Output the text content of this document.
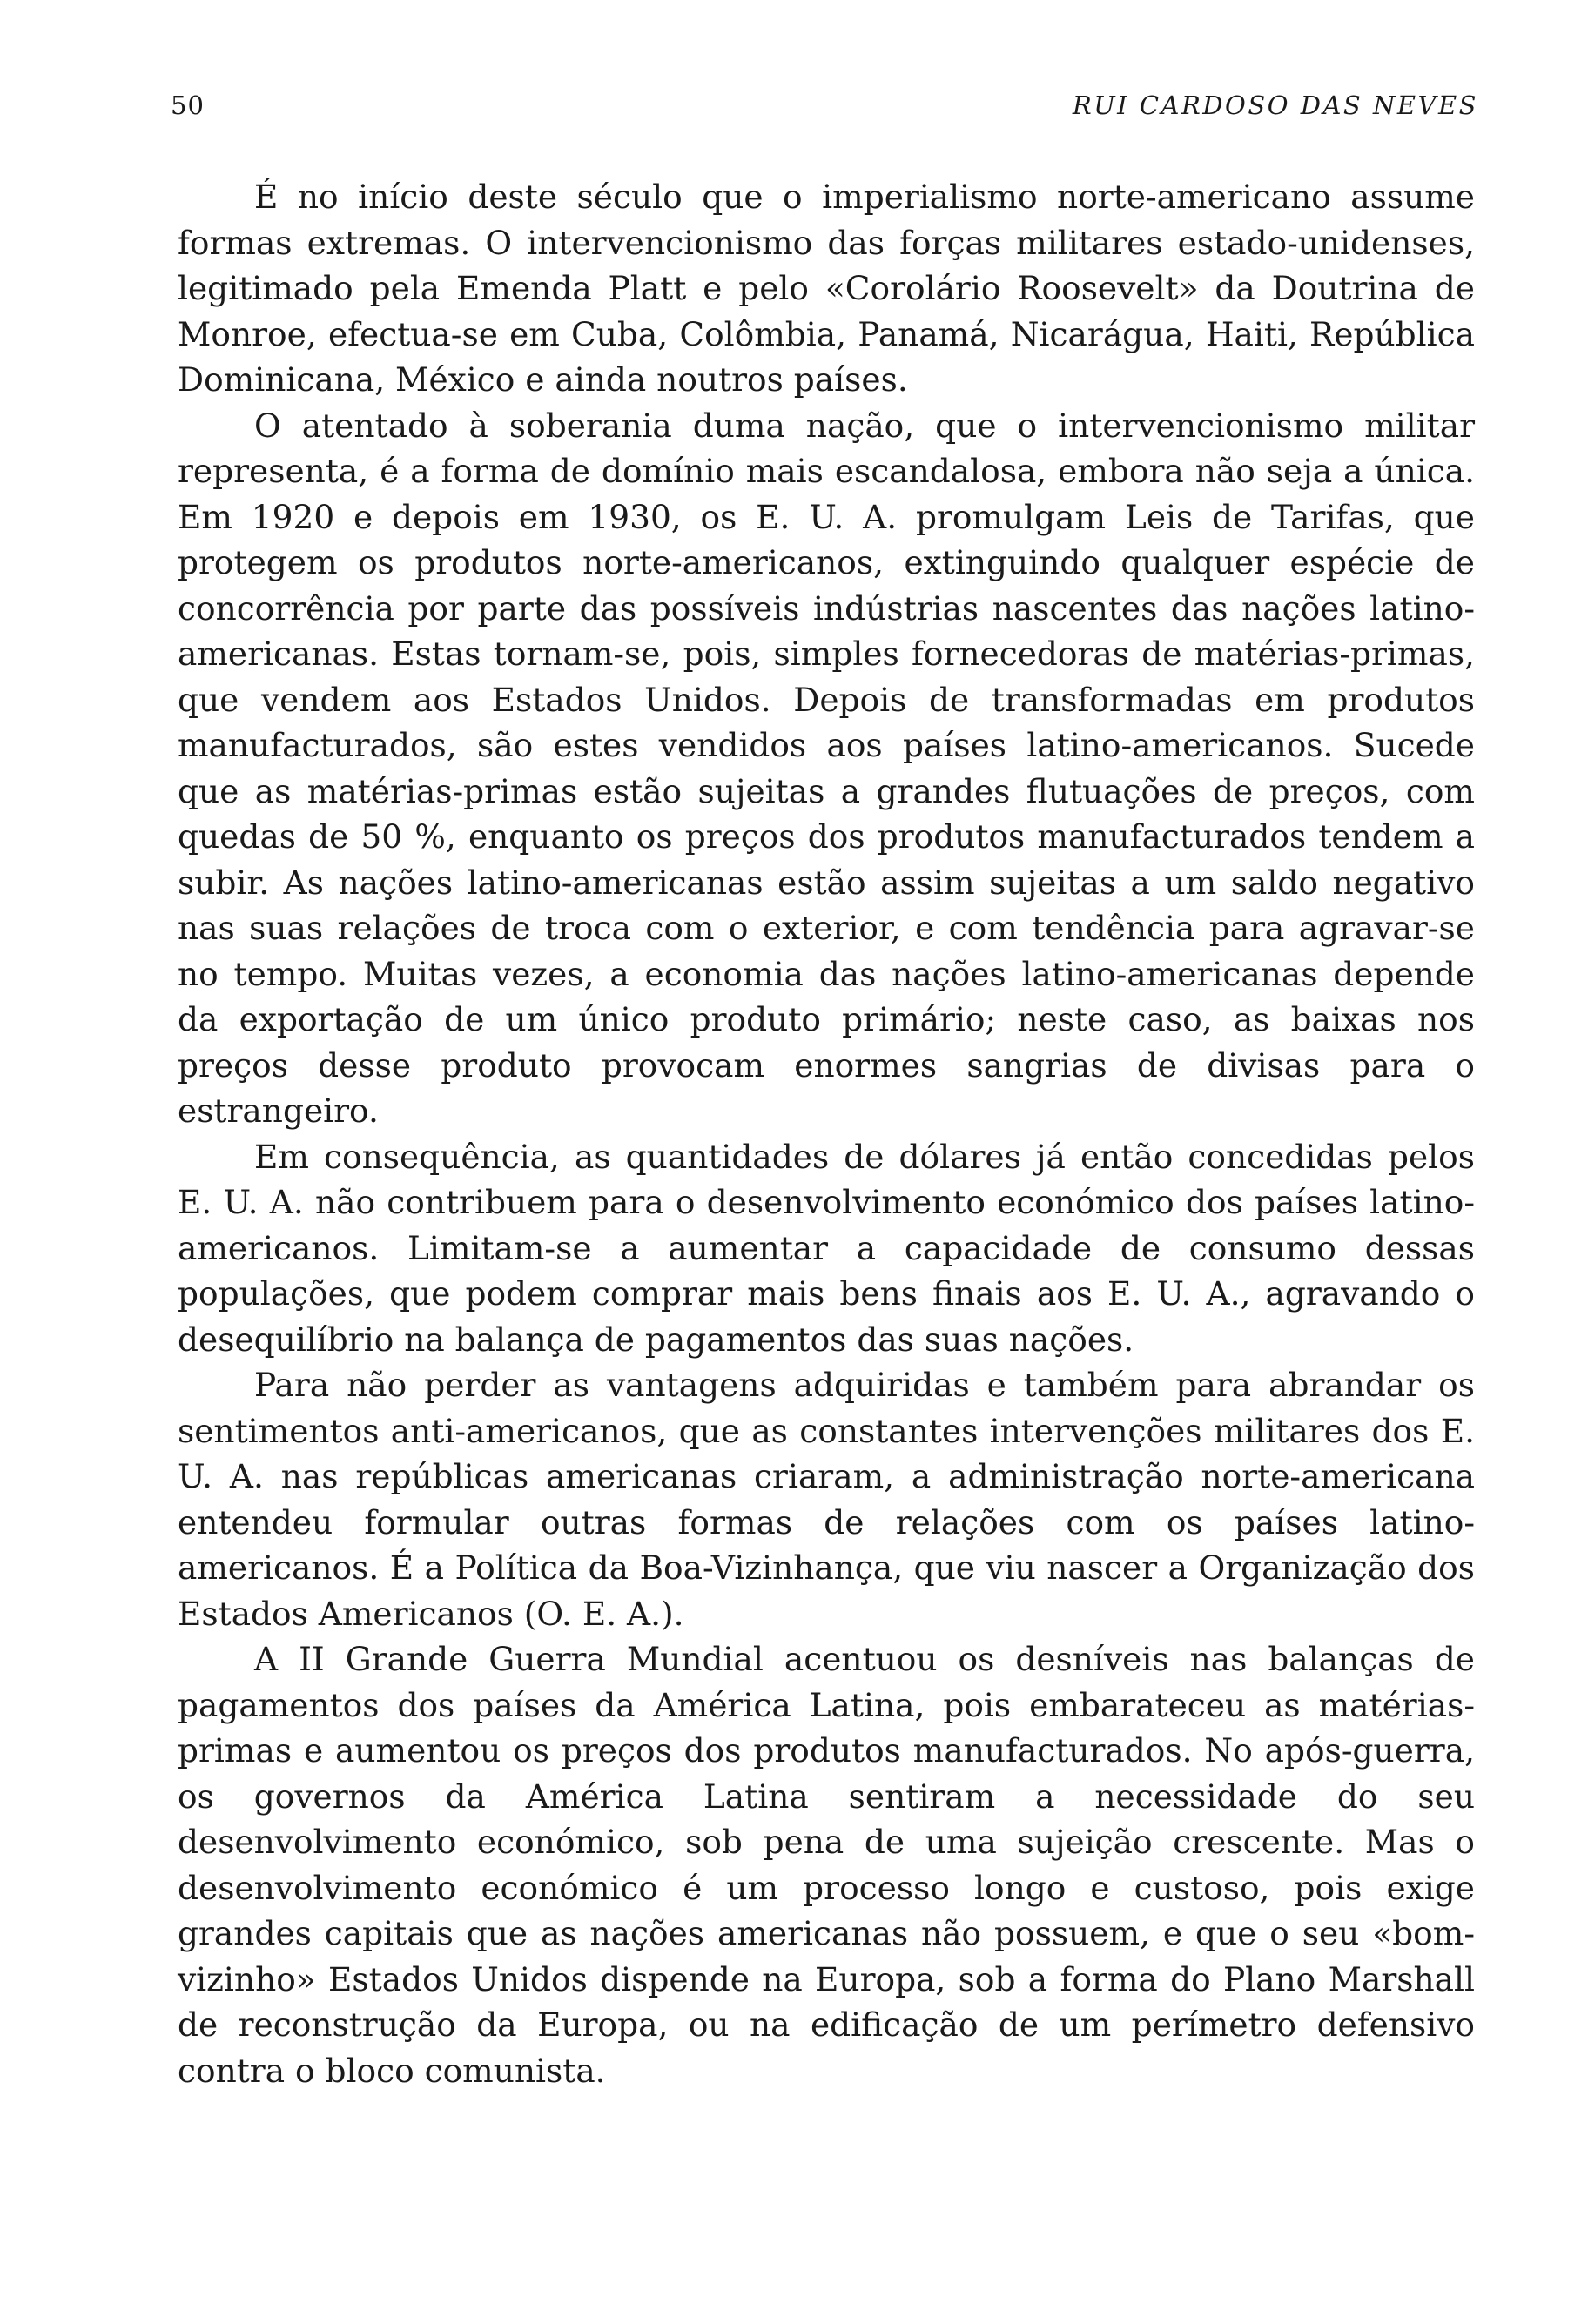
50	RUI CARDOSO DAS NEVES

É no início deste século que o imperialismo norte-americano assume formas extremas. O intervencionismo das forças militares estado-unidenses, legitimado pela Emenda Platt e pelo «Corolário Roosevelt» da Doutrina de Monroe, efectua-se em Cuba, Colômbia, Panamá, Nicarágua, Haiti, República Dominicana, México e ainda noutros países.

O atentado à soberania duma nação, que o intervencionismo militar representa, é a forma de domínio mais escandalosa, embora não seja a única. Em 1920 e depois em 1930, os E. U. A. promulgam Leis de Tarifas, que protegem os produtos norte-americanos, extinguindo qualquer espécie de concorrência por parte das possíveis indústrias nascentes das nações latino-americanas. Estas tornam-se, pois, simples fornecedoras de matérias-primas, que vendem aos Estados Unidos. Depois de transformadas em produtos manufacturados, são estes vendidos aos países latino-americanos. Sucede que as matérias-primas estão sujeitas a grandes flutuações de preços, com quedas de 50 %, enquanto os preços dos produtos manufacturados tendem a subir. As nações latino-americanas estão assim sujeitas a um saldo negativo nas suas relações de troca com o exterior, e com tendência para agravar-se no tempo. Muitas vezes, a economia das nações latino-americanas depende da exportação de um único produto primário; neste caso, as baixas nos preços desse produto provocam enormes sangrias de divisas para o estrangeiro.

Em consequência, as quantidades de dólares já então concedidas pelos E. U. A. não contribuem para o desenvolvimento económico dos países latino-americanos. Limitam-se a aumentar a capacidade de consumo dessas populações, que podem comprar mais bens finais aos E. U. A., agravando o desequilíbrio na balança de pagamentos das suas nações.

Para não perder as vantagens adquiridas e também para abrandar os sentimentos anti-americanos, que as constantes intervenções militares dos E. U. A. nas repúblicas americanas criaram, a administração norte-americana entendeu formular outras formas de relações com os países latino-americanos. É a Política da Boa-Vizinhança, que viu nascer a Organização dos Estados Americanos (O. E. A.).

A II Grande Guerra Mundial acentuou os desníveis nas balanças de pagamentos dos países da América Latina, pois embarateceu as matérias-primas e aumentou os preços dos produtos manufacturados. No após-guerra, os governos da América Latina sentiram a necessidade do seu desenvolvimento económico, sob pena de uma sujeição crescente. Mas o desenvolvimento económico é um processo longo e custoso, pois exige grandes capitais que as nações americanas não possuem, e que o seu «bom-vizinho» Estados Unidos dispende na Europa, sob a forma do Plano Marshall de reconstrução da Europa, ou na edificação de um perímetro defensivo contra o bloco comunista.
